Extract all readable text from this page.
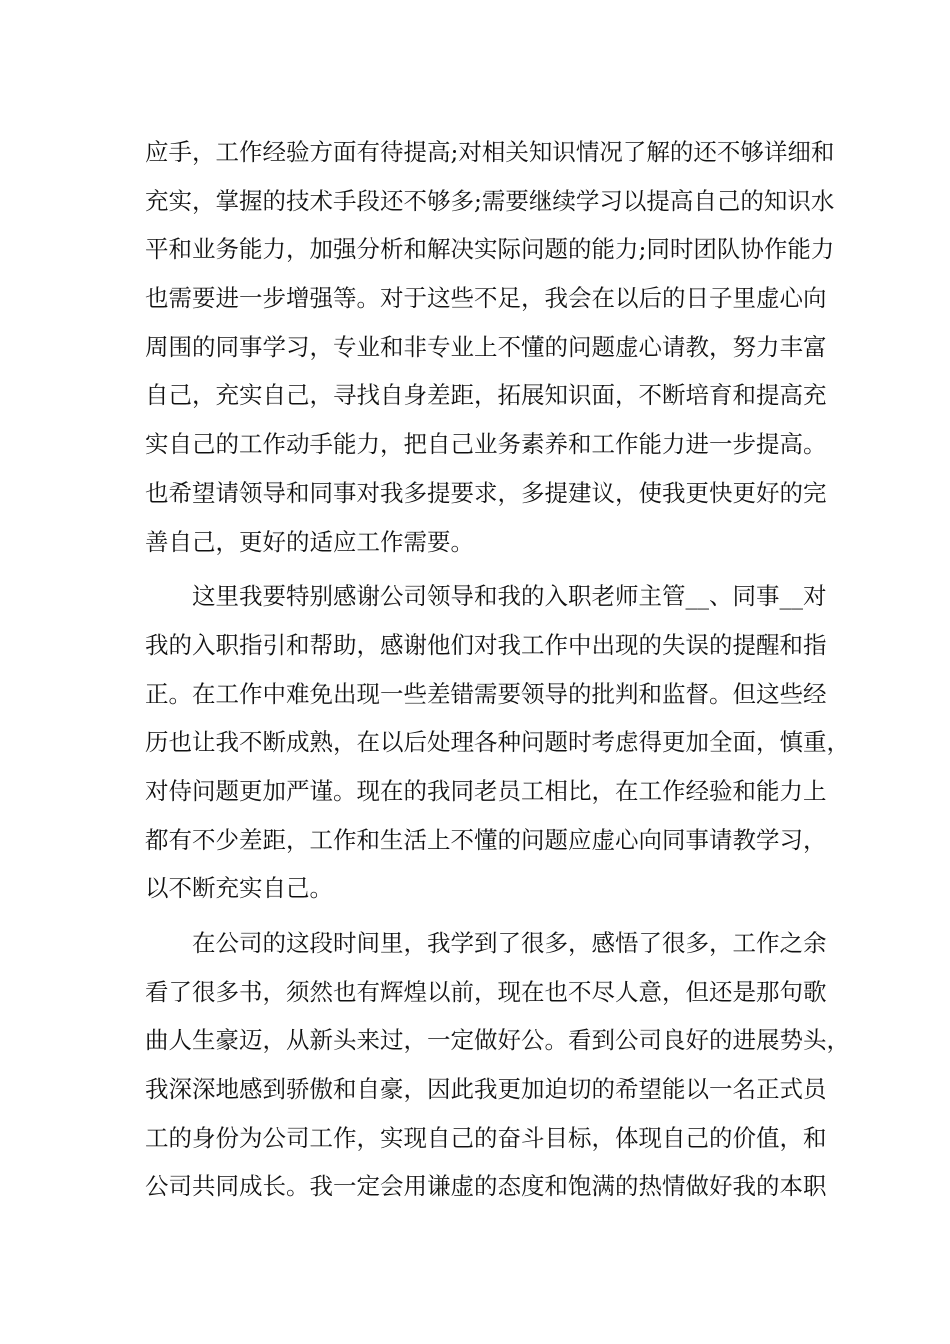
应手，工作经验方面有待提高;对相关知识情况了解的还不够详细和
充实，掌握的技术手段还不够多;需要继续学习以提高自己的知识水
平和业务能力，加强分析和解决实际问题的能力;同时团队协作能力
也需要进一步增强等。对于这些不足，我会在以后的日子里虚心向
周围的同事学习，专业和非专业上不懂的问题虚心请教，努力丰富
自己，充实自己，寻找自身差距，拓展知识面，不断培育和提高充
实自己的工作动手能力，把自己业务素养和工作能力进一步提高。
也希望请领导和同事对我多提要求，多提建议，使我更快更好的完
善自己，更好的适应工作需要。
　　这里我要特别感谢公司领导和我的入职老师主管__、同事__对
我的入职指引和帮助，感谢他们对我工作中出现的失误的提醒和指
正。在工作中难免出现一些差错需要领导的批判和监督。但这些经
历也让我不断成熟，在以后处理各种问题时考虑得更加全面，慎重，
对侍问题更加严谨。现在的我同老员工相比，在工作经验和能力上
都有不少差距，工作和生活上不懂的问题应虚心向同事请教学习，
以不断充实自己。
　　在公司的这段时间里，我学到了很多，感悟了很多，工作之余
看了很多书，须然也有辉煌以前，现在也不尽人意，但还是那句歌
曲人生豪迈，从新头来过，一定做好公。看到公司良好的进展势头，
我深深地感到骄傲和自豪，因此我更加迫切的希望能以一名正式员
工的身份为公司工作，实现自己的奋斗目标，体现自己的价值，和
公司共同成长。我一定会用谦虚的态度和饱满的热情做好我的本职
